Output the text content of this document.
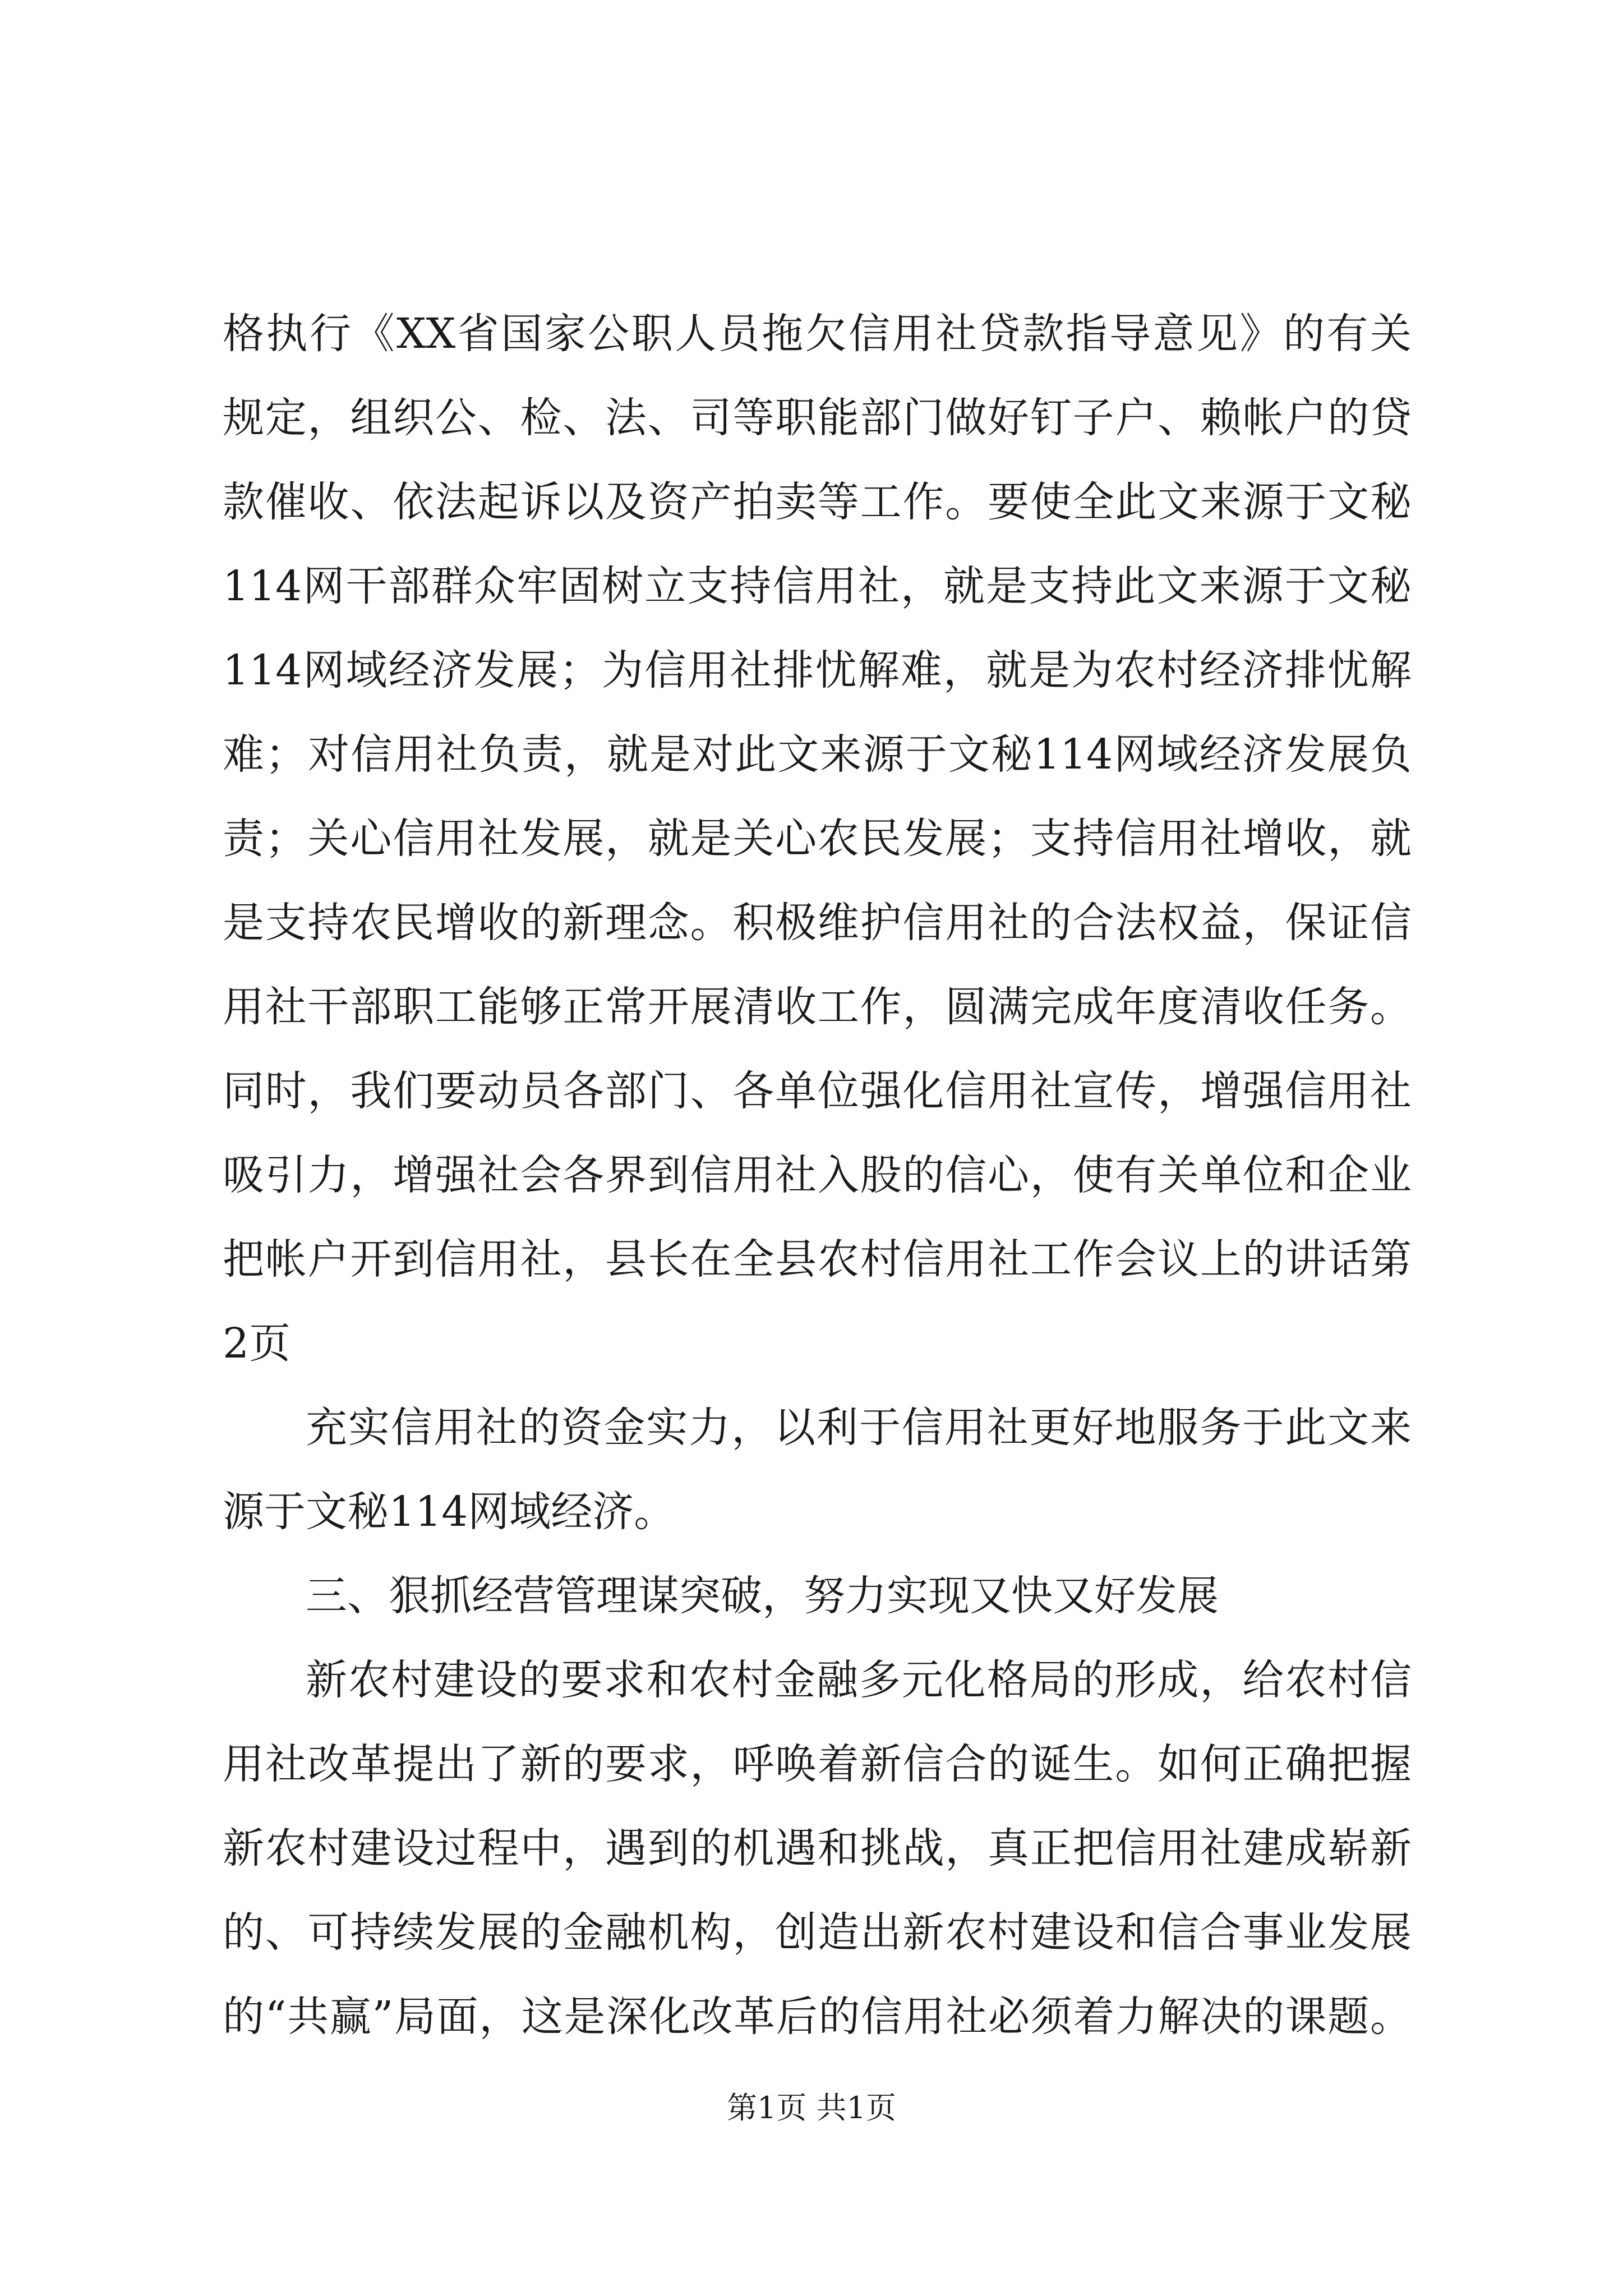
格执行《XX省国家公职人员拖欠信用社贷款指导意见》的有关
规定，组织公、检、法、司等职能部门做好钉子户、赖帐户的贷
款催收、依法起诉以及资产拍卖等工作。要使全此文来源于文秘
114网干部群众牢固树立支持信用社，就是支持此文来源于文秘
114网域经济发展；为信用社排忧解难，就是为农村经济排忧解
难；对信用社负责，就是对此文来源于文秘114网域经济发展负
责；关心信用社发展，就是关心农民发展；支持信用社增收，就
是支持农民增收的新理念。积极维护信用社的合法权益，保证信
用社干部职工能够正常开展清收工作，圆满完成年度清收任务。
同时，我们要动员各部门、各单位强化信用社宣传，增强信用社
吸引力，增强社会各界到信用社入股的信心，使有关单位和企业
把帐户开到信用社，县长在全县农村信用社工作会议上的讲话第
2页
充实信用社的资金实力，以利于信用社更好地服务于此文来
源于文秘114网域经济。
三、狠抓经营管理谋突破，努力实现又快又好发展
新农村建设的要求和农村金融多元化格局的形成，给农村信
用社改革提出了新的要求，呼唤着新信合的诞生。如何正确把握
新农村建设过程中，遇到的机遇和挑战，真正把信用社建成崭新
的、可持续发展的金融机构，创造出新农村建设和信合事业发展
的“共赢”局面，这是深化改革后的信用社必须着力解决的课题。
第1页 共1页
